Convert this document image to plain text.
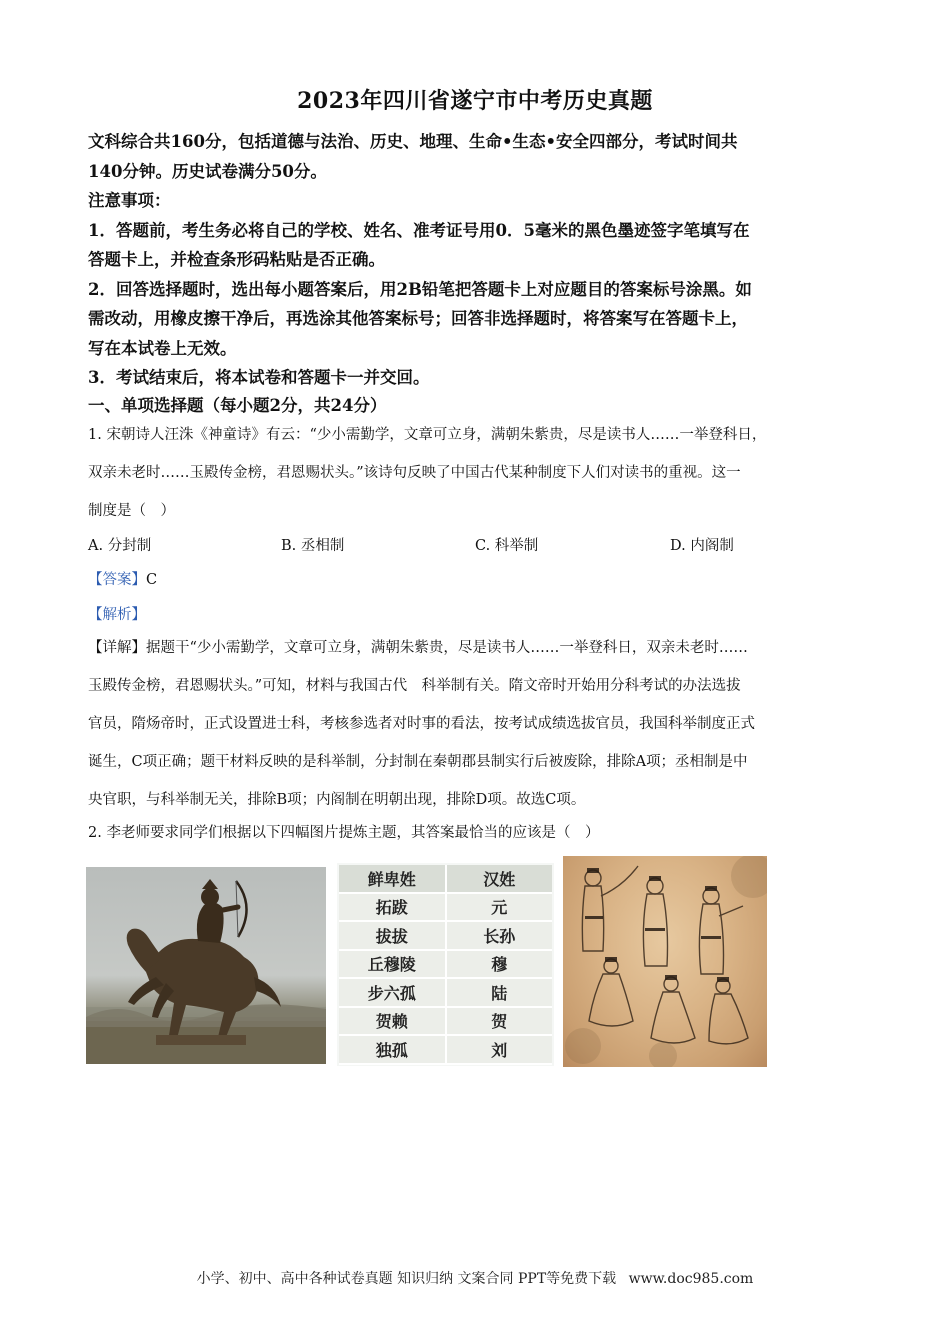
2023年四川省遂宁市中考历史真题
文科综合共160分，包括道德与法治、历史、地理、生命•生态•安全四部分，考试时间共
140分钟。历史试卷满分50分。
注意事项：
1．答题前，考生务必将自己的学校、姓名、准考证号用0．5毫米的黑色墨迹签字笔填写在
答题卡上，并检查条形码粘贴是否正确。
2．回答选择题时，选出每小题答案后，用2B铅笔把答题卡上对应题目的答案标号涂黑。如
需改动，用橡皮擦干净后，再选涂其他答案标号；回答非选择题时，将答案写在答题卡上，
写在本试卷上无效。
3．考试结束后，将本试卷和答题卡一并交回。
一、单项选择题（每小题2分，共24分）
1. 宋朝诗人汪洙《神童诗》有云：“少小需勤学，文章可立身，满朝朱紫贵，尽是读书人……一举登科日，
双亲未老时……玉殿传金榜，君恩赐状头。”该诗句反映了中国古代某种制度下人们对读书的重视。这一
制度是（　）
A. 分封制	B. 丞相制	C. 科举制	D. 内阁制
【答案】C
【解析】
【详解】据题干“少小需勤学，文章可立身，满朝朱紫贵，尽是读书人……一举登科日，双亲未老时……
玉殿传金榜，君恩赐状头。”可知，材料与我国古代　科举制有关。隋文帝时开始用分科考试的办法选拔
官员，隋炀帝时，正式设置进士科，考核参选者对时事的看法，按考试成绩选拔官员，我国科举制度正式
诞生，C项正确；题干材料反映的是科举制，分封制在秦朝郡县制实行后被废除，排除A项；丞相制是中
央官职，与科举制无关，排除B项；内阁制在明朝出现，排除D项。故选C项。
2. 李老师要求同学们根据以下四幅图片提炼主题，其答案最恰当的应该是（　）
鲜卑姓	汉姓
拓跋	元
拔拔	长孙
丘穆陵	穆
步六孤	陆
贺赖	贺
独孤	刘
小学、初中、高中各种试卷真题 知识归纳 文案合同 PPT等免费下载 www.doc985.com
